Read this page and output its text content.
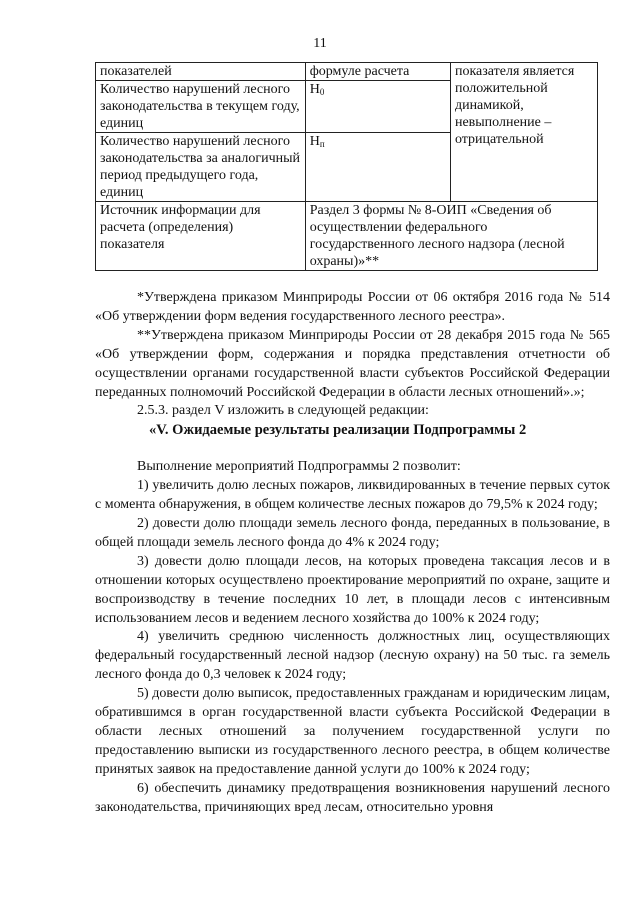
11
показателей	формуле расчета	показателя является положительной динамикой, невыполнение – отрицательной
Количество нарушений лесного законодательства в текущем году, единиц	$Н_0$
Количество нарушений лесного законодательства за аналогичный период предыдущего года, единиц	$Н_п$
Источник информации для расчета (определения) показателя	Раздел 3 формы № 8-ОИП «Сведения об осуществлении федерального государственного лесного надзора (лесной охраны)»**	

*Утверждена приказом Минприроды России от 06 октября 2016 года № 514 «Об утверждении форм ведения государственного лесного реестра».

**Утверждена приказом Минприроды России от 28 декабря 2015 года № 565 «Об утверждении форм, содержания и порядка представления отчетности об осуществлении органами государственной власти субъектов Российской Федерации переданных полномочий Российской Федерации в области лесных отношений».»;

2.5.3. раздел V изложить в следующей редакции:

«V. Ожидаемые результаты реализации Подпрограммы 2

Выполнение мероприятий Подпрограммы 2 позволит:

1) увеличить долю лесных пожаров, ликвидированных в течение первых суток с момента обнаружения, в общем количестве лесных пожаров до 79,5% к 2024 году;

2) довести долю площади земель лесного фонда, переданных в пользование, в общей площади земель лесного фонда до 4% к 2024 году;

3) довести долю площади лесов, на которых проведена таксация лесов и в отношении которых осуществлено проектирование мероприятий по охране, защите и воспроизводству в течение последних 10 лет, в площади лесов с интенсивным использованием лесов и ведением лесного хозяйства до 100% к 2024 году;

4) увеличить среднюю численность должностных лиц, осуществляющих федеральный государственный лесной надзор (лесную охрану) на 50 тыс. га земель лесного фонда до 0,3 человек к 2024 году;

5) довести долю выписок, предоставленных гражданам и юридическим лицам, обратившимся в орган государственной власти субъекта Российской Федерации в области лесных отношений за получением государственной услуги по предоставлению выписки из государственного лесного реестра, в общем количестве принятых заявок на предоставление данной услуги до 100% к 2024 году;

6) обеспечить динамику предотвращения возникновения нарушений лесного законодательства, причиняющих вред лесам, относительно уровня
